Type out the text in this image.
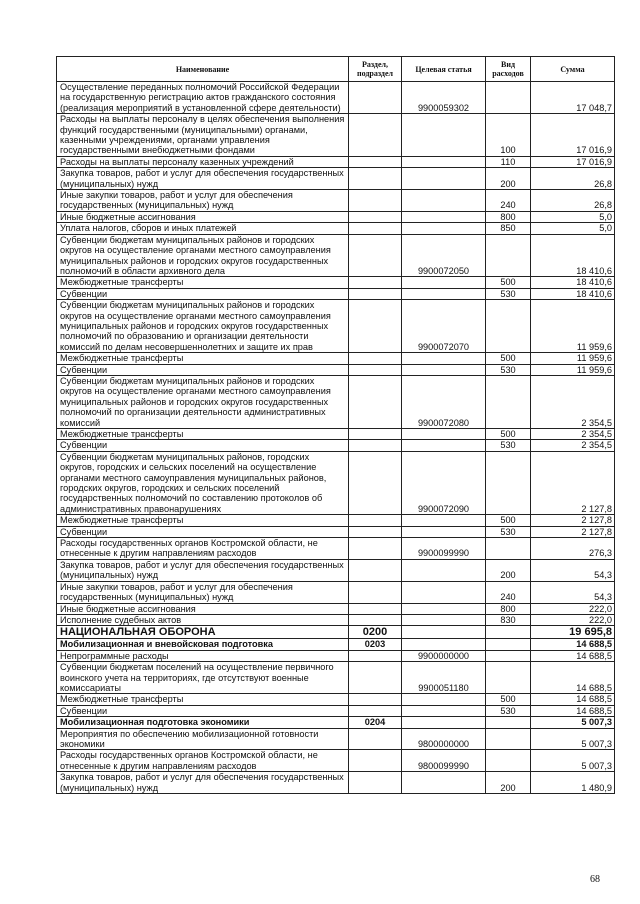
Наименование	Раздел, подраздел	Целевая статья	Вид расходов	Сумма
Осуществление переданных полномочий Российской Федерации на государственную регистрацию актов гражданского состояния (реализация мероприятий в установленной сфере деятельности)		9900059302		17 048,7
Расходы на выплаты персоналу в целях обеспечения выполнения функций государственными (муниципальными) органами, казенными учреждениями, органами управления государственными внебюджетными фондами			100	17 016,9
Расходы на выплаты персоналу казенных учреждений			110	17 016,9
Закупка товаров, работ и услуг для обеспечения государственных (муниципальных) нужд			200	26,8
Иные закупки товаров, работ и услуг для обеспечения государственных (муниципальных) нужд			240	26,8
Иные бюджетные ассигнования			800	5,0
Уплата налогов, сборов и иных платежей			850	5,0
Субвенции бюджетам муниципальных районов и городских округов на осуществление органами местного самоуправления муниципальных районов и городских округов государственных полномочий в области архивного дела		9900072050		18 410,6
Межбюджетные трансферты			500	18 410,6
Субвенции			530	18 410,6
Субвенции бюджетам муниципальных районов и городских округов на осуществление органами местного самоуправления муниципальных районов и городских округов государственных полномочий по образованию и организации деятельности комиссий по делам несовершеннолетних и защите их прав		9900072070		11 959,6
Межбюджетные трансферты			500	11 959,6
Субвенции			530	11 959,6
Субвенции бюджетам муниципальных районов и городских округов на осуществление органами местного самоуправления муниципальных районов и городских округов государственных полномочий по организации деятельности административных комиссий		9900072080		2 354,5
Межбюджетные трансферты			500	2 354,5
Субвенции			530	2 354,5
Субвенции бюджетам муниципальных районов, городских округов, городских и сельских поселений на осуществление органами местного самоуправления муниципальных районов, городских округов, городских и сельских поселений государственных полномочий по составлению протоколов об административных правонарушениях		9900072090		2 127,8
Межбюджетные трансферты			500	2 127,8
Субвенции			530	2 127,8
Расходы государственных органов Костромской области, не отнесенные к другим направлениям расходов		9900099990		276,3
Закупка товаров, работ и услуг для обеспечения государственных (муниципальных) нужд			200	54,3
Иные закупки товаров, работ и услуг для обеспечения государственных (муниципальных) нужд			240	54,3
Иные бюджетные ассигнования			800	222,0
Исполнение судебных актов			830	222,0
НАЦИОНАЛЬНАЯ ОБОРОНА	0200			19 695,8
Мобилизационная и вневойсковая подготовка	0203			14 688,5
Непрограммные расходы		9900000000		14 688,5
Субвенции бюджетам поселений на осуществление первичного воинского учета на территориях, где отсутствуют военные комиссариаты		9900051180		14 688,5
Межбюджетные трансферты			500	14 688,5
Субвенции			530	14 688,5
Мобилизационная подготовка экономики	0204			5 007,3
Мероприятия по обеспечению мобилизационной готовности экономики		9800000000		5 007,3
Расходы государственных органов Костромской области, не отнесенные к другим направлениям расходов		9800099990		5 007,3
Закупка товаров, работ и услуг для обеспечения государственных (муниципальных) нужд			200	1 480,9
68
